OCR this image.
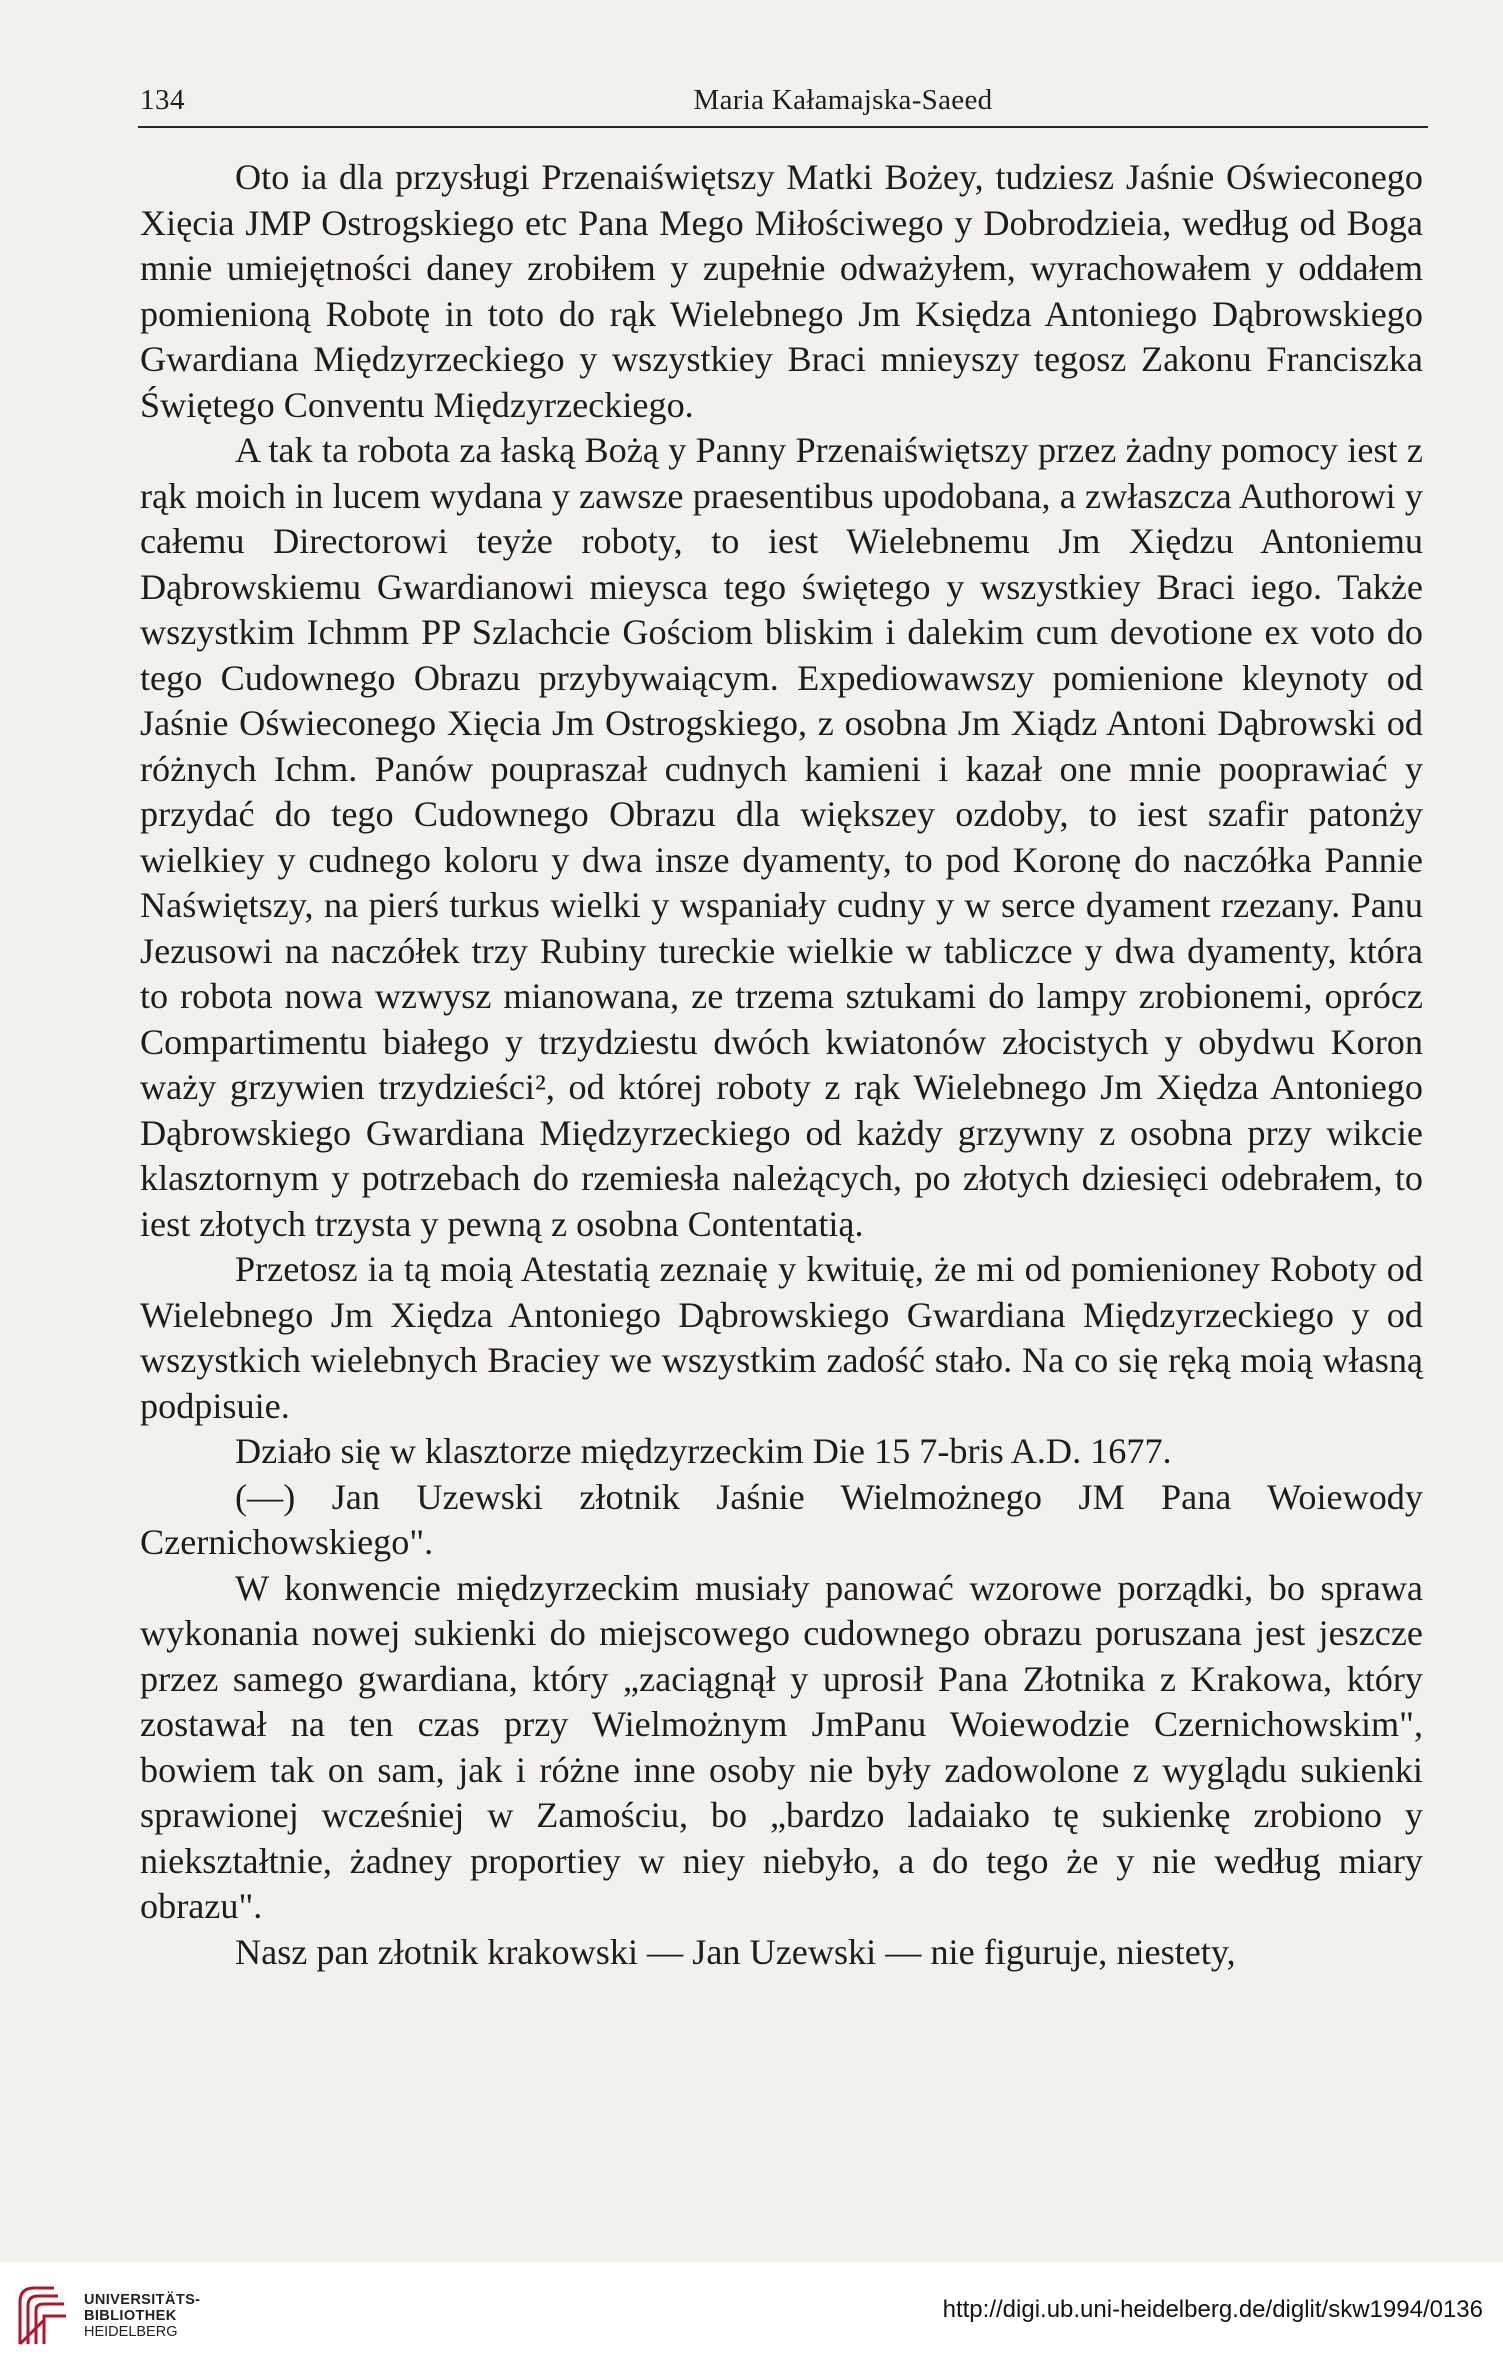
134	Maria Kałamajska-Saeed

Oto ia dla przysługi Przenaiświętszy Matki Bożey, tudziesz Jaśnie Oświeconego Xięcia JMP Ostrogskiego etc Pana Mego Miłościwego y Dobrodzieia, według od Boga mnie umiejętności daney zrobiłem y zupełnie odważyłem, wyrachowałem y oddałem pomienioną Robotę in toto do rąk Wielebnego Jm Księdza Antoniego Dąbrowskiego Gwardiana Międzyrzeckiego y wszystkiey Braci mnieyszy tegosz Zakonu Franciszka Świętego Conventu Międzyrzeckiego.

A tak ta robota za łaską Bożą y Panny Przenaiświętszy przez żadny pomocy iest z rąk moich in lucem wydana y zawsze praesentibus upodobana, a zwłaszcza Authorowi y całemu Directorowi teyże roboty, to iest Wielebnemu Jm Xiędzu Antoniemu Dąbrowskiemu Gwardianowi mieysca tego świętego y wszystkiey Braci iego. Także wszystkim Ichmm PP Szlachcie Gościom bliskim i dalekim cum devotione ex voto do tego Cudownego Obrazu przybywaiącym. Expediowawszy pomienione kleynoty od Jaśnie Oświeconego Xięcia Jm Ostrogskiego, z osobna Jm Xiądz Antoni Dąbrowski od różnych Ichm. Panów poupraszał cudnych kamieni i kazał one mnie pooprawiać y przydać do tego Cudownego Obrazu dla większey ozdoby, to iest szafir patonży wielkiey y cudnego koloru y dwa insze dyamenty, to pod Koronę do naczółka Pannie Naświętszy, na pierś turkus wielki y wspaniały cudny y w serce dyament rzezany. Panu Jezusowi na naczółek trzy Rubiny tureckie wielkie w tabliczce y dwa dyamenty, która to robota nowa wzwysz mianowana, ze trzema sztukami do lampy zrobionemi, oprócz Compartimentu białego y trzydziestu dwóch kwiatonów złocistych y obydwu Koron waży grzywien trzydzieści², od której roboty z rąk Wielebnego Jm Xiędza Antoniego Dąbrowskiego Gwardiana Międzyrzeckiego od każdy grzywny z osobna przy wikcie klasztornym y potrzebach do rzemiesła należących, po złotych dziesięci odebrałem, to iest złotych trzysta y pewną z osobna Contentatią.

Przetosz ia tą moią Atestatią zeznaię y kwituię, że mi od pomienioney Roboty od Wielebnego Jm Xiędza Antoniego Dąbrowskiego Gwardiana Międzyrzeckiego y od wszystkich wielebnych Braciey we wszystkim zadość stało. Na co się ręką moią własną podpisuie.

Działo się w klasztorze międzyrzeckim Die 15 7-bris A.D. 1677.

(—) Jan Uzewski złotnik Jaśnie Wielmożnego JM Pana Woiewody Czernichowskiego".

W konwencie międzyrzeckim musiały panować wzorowe porządki, bo sprawa wykonania nowej sukienki do miejscowego cudownego obrazu poruszana jest jeszcze przez samego gwardiana, który „zaciągnął y uprosił Pana Złotnika z Krakowa, który zostawał na ten czas przy Wielmożnym JmPanu Woiewodzie Czernichowskim", bowiem tak on sam, jak i różne inne osoby nie były zadowolone z wyglądu sukienki sprawionej wcześniej w Zamościu, bo „bardzo ladaiako tę sukienkę zrobiono y niekształtnie, żadney proportiey w niey niebyło, a do tego że y nie według miary obrazu".

Nasz pan złotnik krakowski — Jan Uzewski — nie figuruje, niestety,

UNIVERSITÄTS-
BIBLIOTHEK
HEIDELBERG
http://digi.ub.uni-heidelberg.de/diglit/skw1994/0136
